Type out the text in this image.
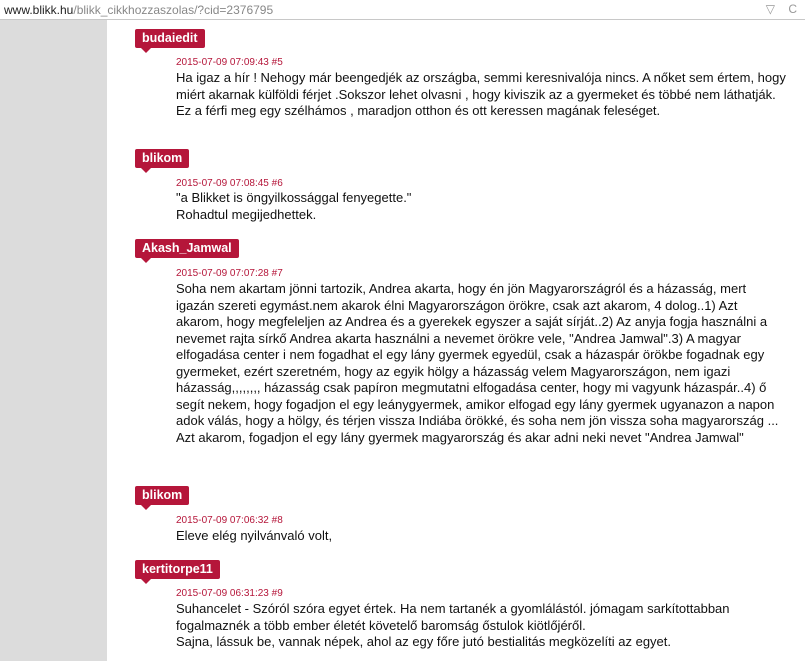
www.blikk.hu/blikk_cikkhozzaszolas/?cid=2376795	▽ C
budaiedit
2015-07-09 07:09:43 #5

Ha igaz a hír ! Nehogy már beengedjék az országba, semmi keresnivalója nincs. A nőket sem értem, hogy miért akarnak külföldi férjet .Sokszor lehet olvasni , hogy kiviszik az a gyermeket és többé nem láthatják. Ez a férfi meg egy szélhámos , maradjon otthon és ott keressen magának feleséget.

blikom
2015-07-09 07:08:45 #6

"a Blikket is öngyilkossággal fenyegette."

Rohadtul megijedhettek.

Akash_Jamwal
2015-07-09 07:07:28 #7

Soha nem akartam jönni tartozik, Andrea akarta, hogy én jön Magyarországról és a házasság, mert igazán szereti egymást.nem akarok élni Magyarországon örökre, csak azt akarom, 4 dolog..1) Azt akarom, hogy megfeleljen az Andrea és a gyerekek egyszer a saját sírját..2) Az anyja fogja használni a nevemet rajta sírkő Andrea akarta használni a nevemet örökre vele, "Andrea Jamwal".3) A magyar elfogadása center i nem fogadhat el egy lány gyermek egyedül, csak a házaspár örökbe fogadnak egy gyermeket, ezért szeretném, hogy az egyik hölgy a házasság velem Magyarországon, nem igazi házasság,,,,,,,, házasság csak papíron megmutatni elfogadása center, hogy mi vagyunk házaspár..4) ő segít nekem, hogy fogadjon el egy leánygyermek, amikor elfogad egy lány gyermek ugyanazon a napon adok válás, hogy a hölgy, és térjen vissza Indiába örökké, és soha nem jön vissza soha magyarország ... Azt akarom, fogadjon el egy lány gyermek magyarország és akar adni neki nevet "Andrea Jamwal"

blikom
2015-07-09 07:06:32 #8

Eleve elég nyilvánvaló volt,

kertitorpe11
2015-07-09 06:31:23 #9

Suhancelet - Szóról szóra egyet értek. Ha nem tartanék a gyomlálástól. jómagam sarkítottabban fogalmaznék a több ember életét követelő baromság őstulok kiötlőjéről.

Sajna, lássuk be, vannak népek, ahol az egy főre jutó bestialitás megközelíti az egyet.
